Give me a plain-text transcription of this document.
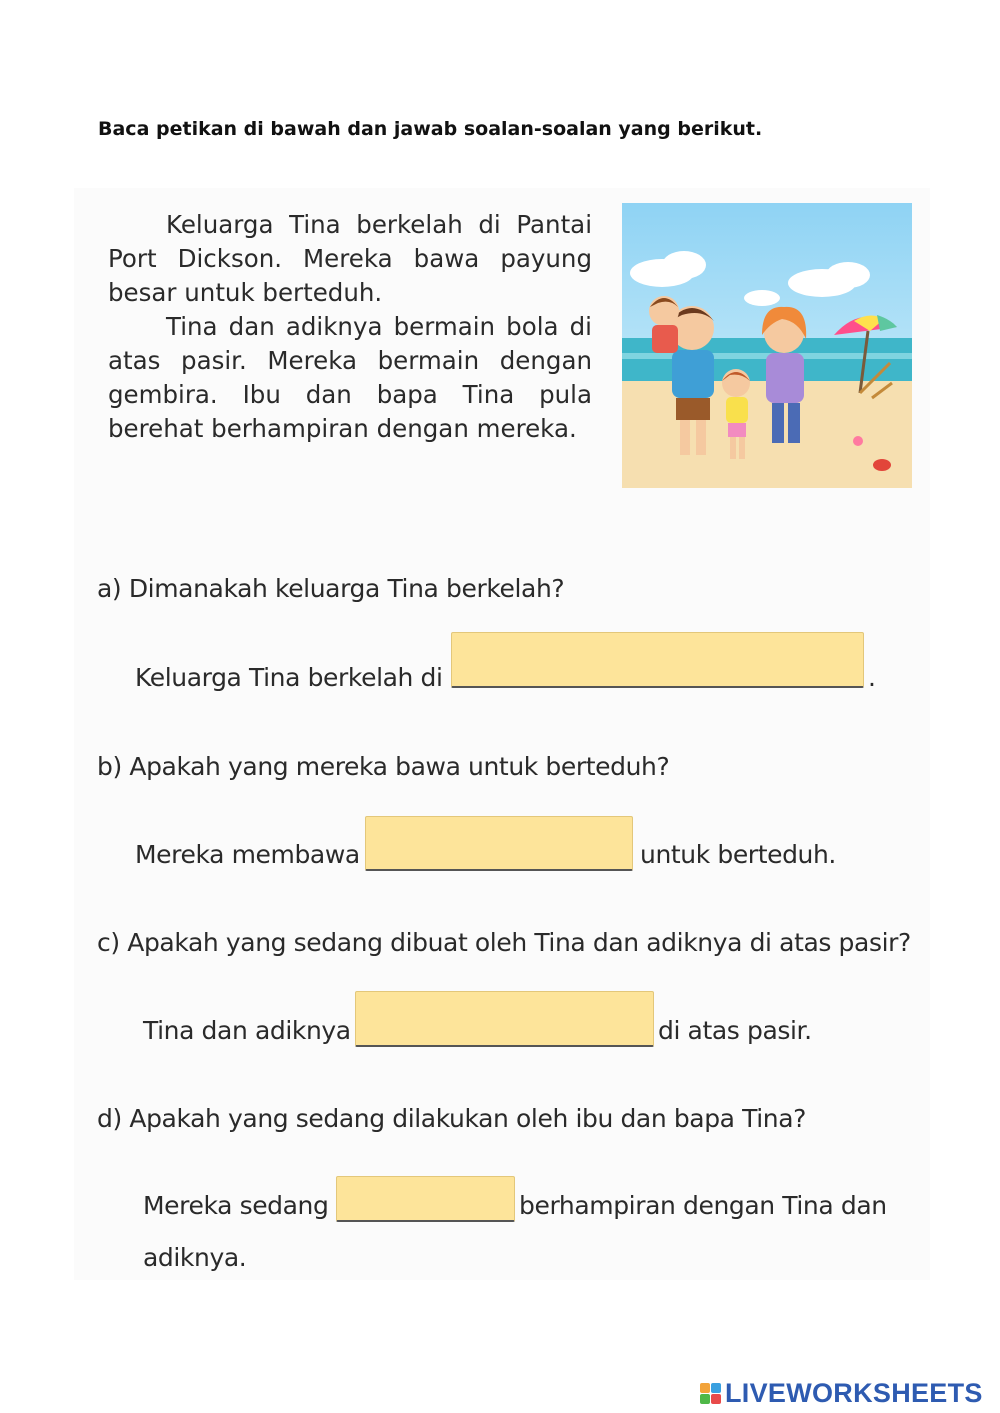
Baca petikan di bawah dan jawab soalan-soalan yang berikut.

Keluarga Tina berkelah di Pantai Port Dickson. Mereka bawa payung besar untuk berteduh.

Tina dan adiknya bermain bola di atas pasir. Mereka bermain dengan gembira. Ibu dan bapa Tina pula berehat berhampiran dengan mereka.

a) Dimanakah keluarga Tina berkelah?
Keluarga Tina berkelah di	.
b) Apakah yang mereka bawa untuk berteduh?
Mereka membawa	untuk berteduh.
c) Apakah yang sedang dibuat oleh Tina dan adiknya di atas pasir?
Tina dan adiknya	di atas pasir.
d) Apakah yang sedang dilakukan oleh ibu dan bapa Tina?
Mereka sedang	berhampiran dengan Tina dan
adiknya.
LIVEWORKSHEETS
